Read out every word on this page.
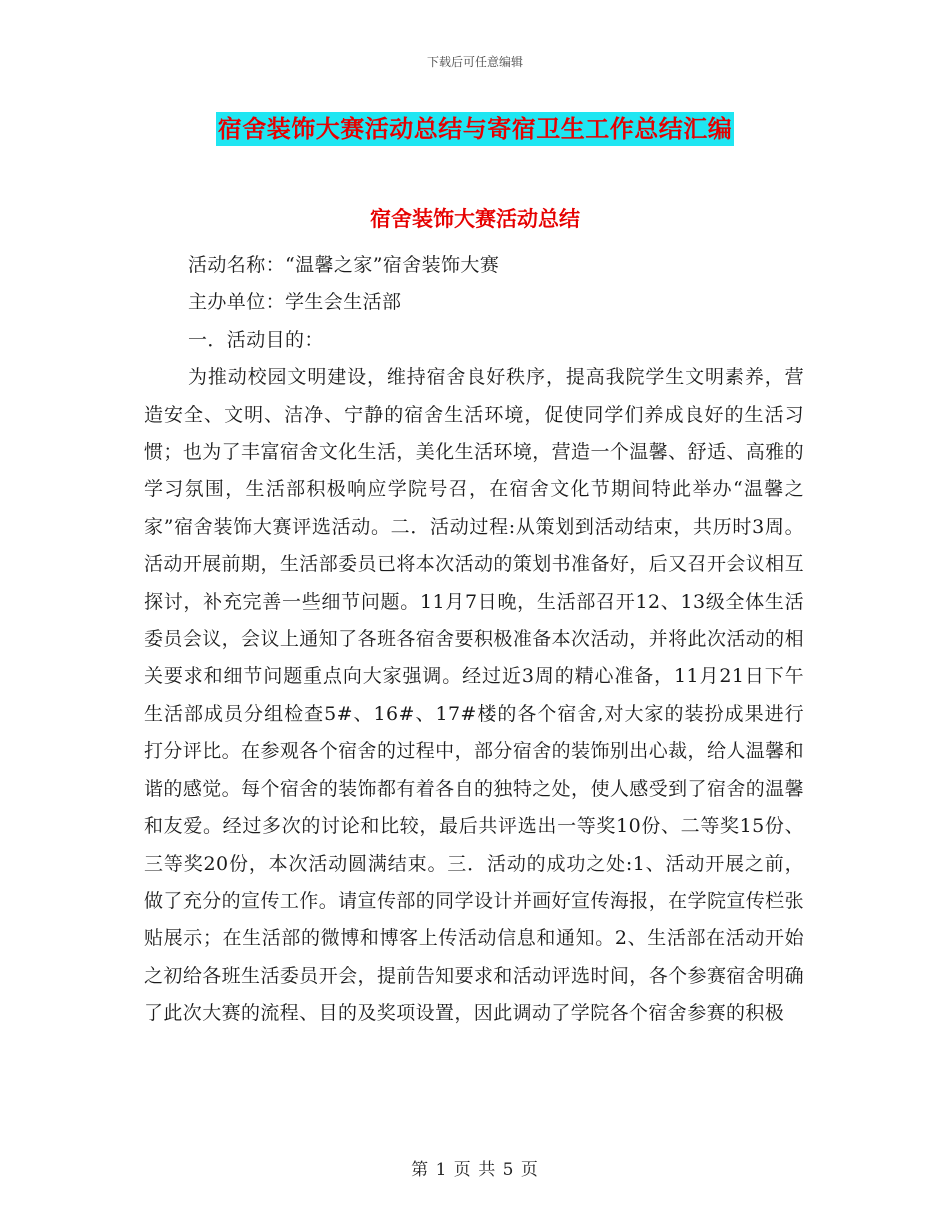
下载后可任意编辑
宿舍装饰大赛活动总结与寄宿卫生工作总结汇编
宿舍装饰大赛活动总结

活动名称：“温馨之家”宿舍装饰大赛

主办单位：学生会生活部

一．活动目的：

为推动校园文明建设，维持宿舍良好秩序，提高我院学生文明素养，营造安全、文明、洁净、宁静的宿舍生活环境，促使同学们养成良好的生活习惯；也为了丰富宿舍文化生活，美化生活环境，营造一个温馨、舒适、高雅的学习氛围，生活部积极响应学院号召，在宿舍文化节期间特此举办“温馨之家”宿舍装饰大赛评选活动。二．活动过程:从策划到活动结束，共历时3周。活动开展前期，生活部委员已将本次活动的策划书准备好，后又召开会议相互探讨，补充完善一些细节问题。11月7日晚，生活部召开12、13级全体生活委员会议，会议上通知了各班各宿舍要积极准备本次活动，并将此次活动的相关要求和细节问题重点向大家强调。经过近3周的精心准备，11月21日下午生活部成员分组检查5#、16#、17#楼的各个宿舍,对大家的装扮成果进行打分评比。在参观各个宿舍的过程中，部分宿舍的装饰别出心裁，给人温馨和谐的感觉。每个宿舍的装饰都有着各自的独特之处，使人感受到了宿舍的温馨和友爱。经过多次的讨论和比较，最后共评选出一等奖10份、二等奖15份、三等奖20份，本次活动圆满结束。三．活动的成功之处:1、活动开展之前，做了充分的宣传工作。请宣传部的同学设计并画好宣传海报，在学院宣传栏张贴展示；在生活部的微博和博客上传活动信息和通知。2、生活部在活动开始之初给各班生活委员开会，提前告知要求和活动评选时间，各个参赛宿舍明确了此次大赛的流程、目的及奖项设置，因此调动了学院各个宿舍参赛的积极

第 1 页 共 5 页
